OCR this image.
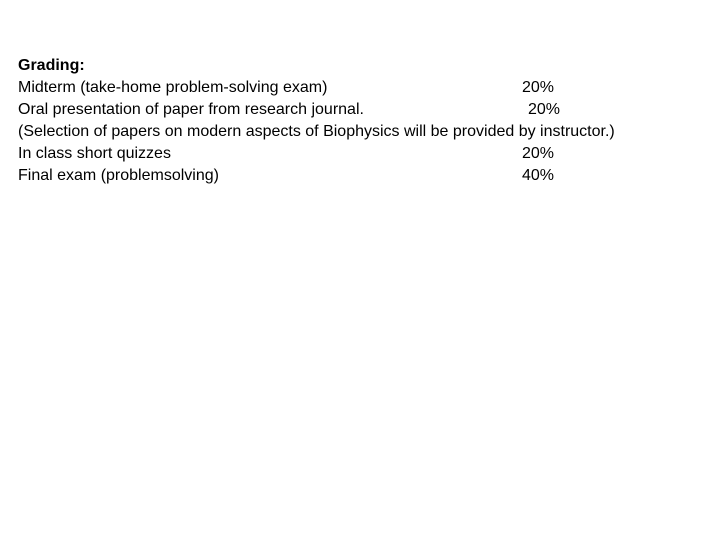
Grading:
Midterm (take-home problem-solving exam)	20%
Oral presentation of paper from research journal.	20%
(Selection of papers on modern aspects of Biophysics will be provided by instructor.)
In class short quizzes	20%
Final exam (problemsolving)	40%
